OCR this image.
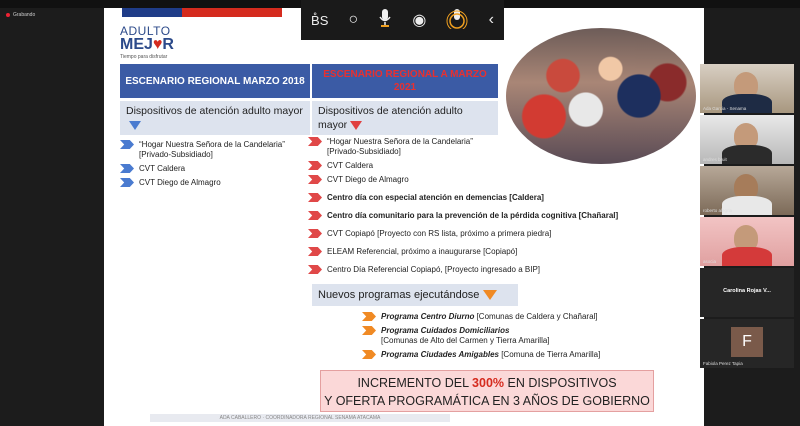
Grabando
ADULTO
MEJ♥R
Tiempo para disfrutar
B̊S ○	◉	‹
ESCENARIO REGIONAL MARZO 2018
ESCENARIO REGIONAL A MARZO 2021
Dispositivos de atención adulto mayor	Dispositivos de atención adulto mayor
“Hogar Nuestra Señora de la Candelaria” [Privado-Subsidiado]
CVT Caldera
CVT Diego de Almagro
“Hogar Nuestra Señora de la Candelaria” [Privado-Subsidiado]
CVT Caldera
CVT Diego de Almagro
Centro día con especial atención en demencias [Caldera]
Centro día comunitario para la prevención de la pérdida cognitiva [Chañaral]
CVT Copiapó [Proyecto con RS lista, próximo a primera piedra]
ELEAM Referencial, próximo a inaugurarse [Copiapó]
Centro Día Referencial Copiapó, [Proyecto ingresado a BIP]
Nuevos programas ejecutándose
Programa Centro Diurno [Comunas de Caldera y Chañaral]
Programa Cuidados Domiciliarios
[Comunas de Alto del Carmen y Tierra Amarilla]
Programa Ciudades Amigables [Comuna de Tierra Amarilla]
INCREMENTO DEL 300% EN DISPOSITIVOS
Y OFERTA PROGRAMÁTICA EN 3 AÑOS DE GOBIERNO
ADA CABALLERO · COORDINADORA REGIONAL SENAMA ATACAMA
Ada Garcia - Senama
andres bruit
roberto alegria
asocia
Carolina Rojas V...
F
Fabiola Perez Tapia
